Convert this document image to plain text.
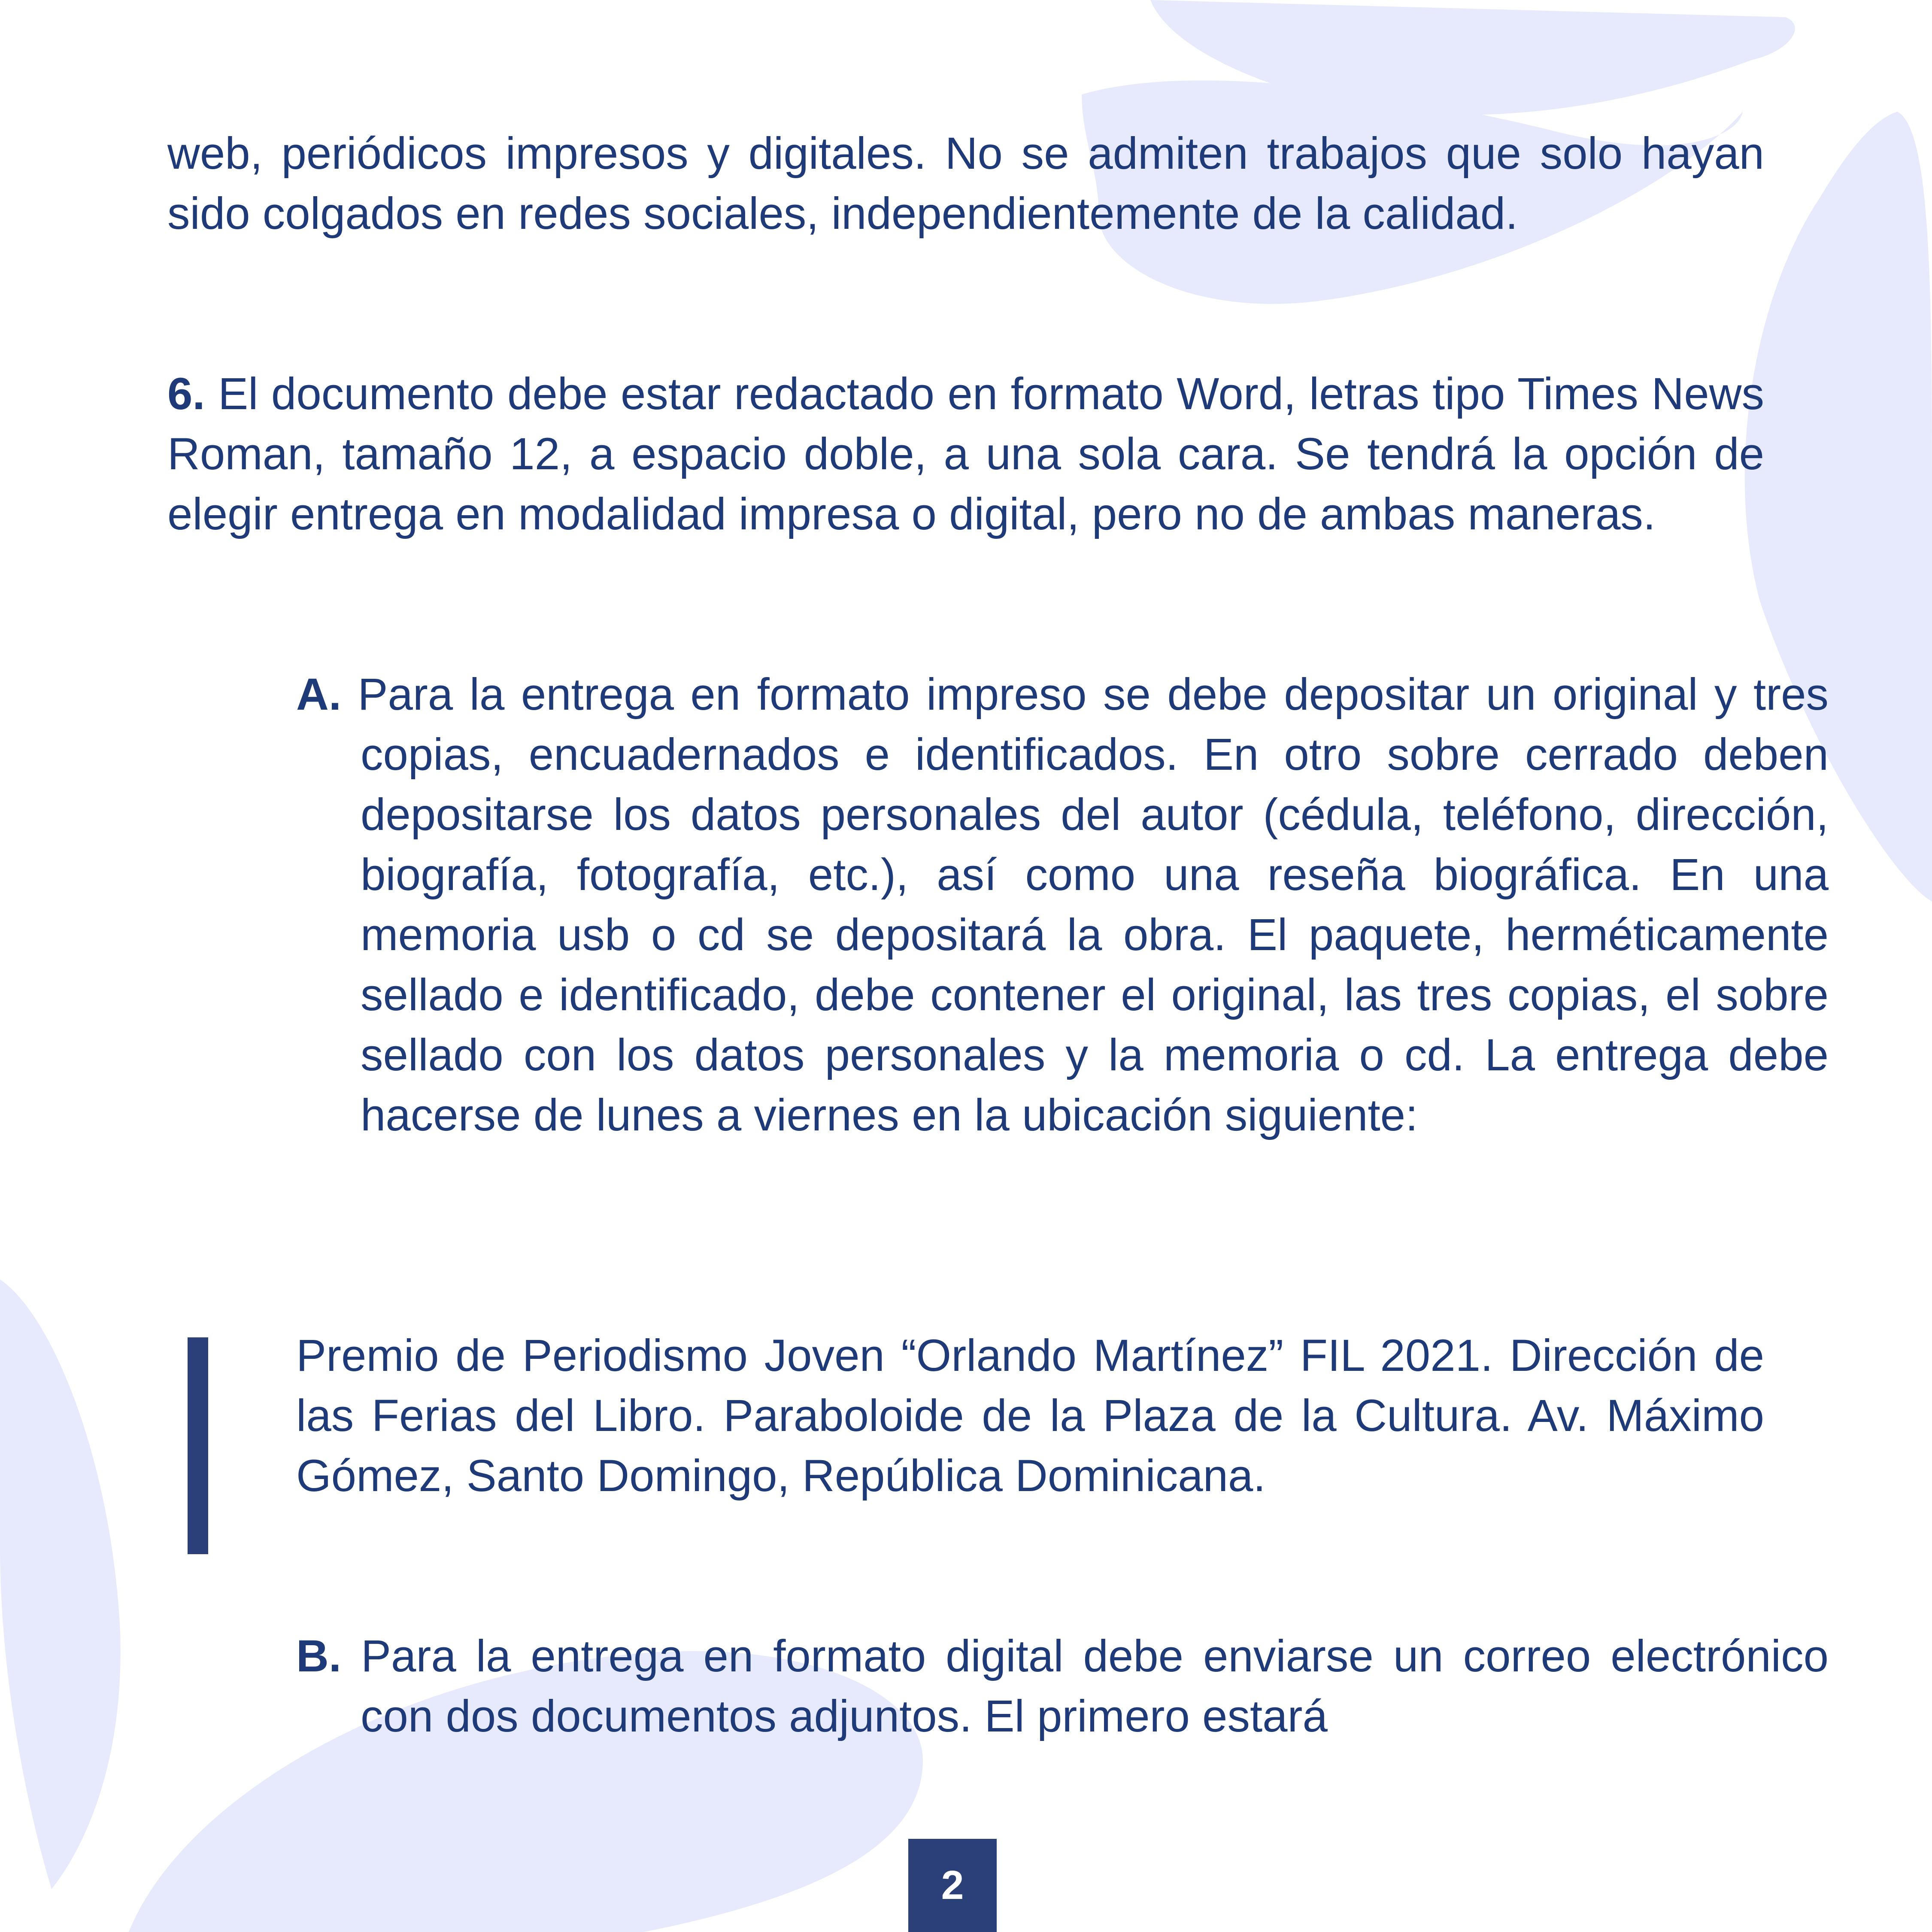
web, periódicos impresos y digitales. No se admiten trabajos que solo hayan sido colgados en redes sociales, independientemente de la calidad.
6. El documento debe estar redactado en formato Word, letras tipo Times News Roman, tamaño 12, a espacio doble, a una sola cara. Se tendrá la opción de elegir entrega en modalidad impresa o digital, pero no de ambas maneras.
A. Para la entrega en formato impreso se debe depositar un original y tres copias, encuadernados e identificados. En otro sobre cerrado deben depositarse los datos personales del autor (cédula, teléfono, dirección, biografía, fotografía, etc.), así como una reseña biográfica. En una memoria usb o cd se depositará la obra. El paquete, herméticamente sellado e identificado, debe contener el original, las tres copias, el sobre sellado con los datos personales y la memoria o cd. La entrega debe hacerse de lunes a viernes en la ubicación siguiente:
Premio de Periodismo Joven “Orlando Martínez” FIL 2021. Dirección de las Ferias del Libro. Paraboloide de la Plaza de la Cultura. Av. Máximo Gómez, Santo Domingo, República Dominicana.
B. Para la entrega en formato digital debe enviarse un correo electrónico con dos documentos adjuntos. El primero estará
2
